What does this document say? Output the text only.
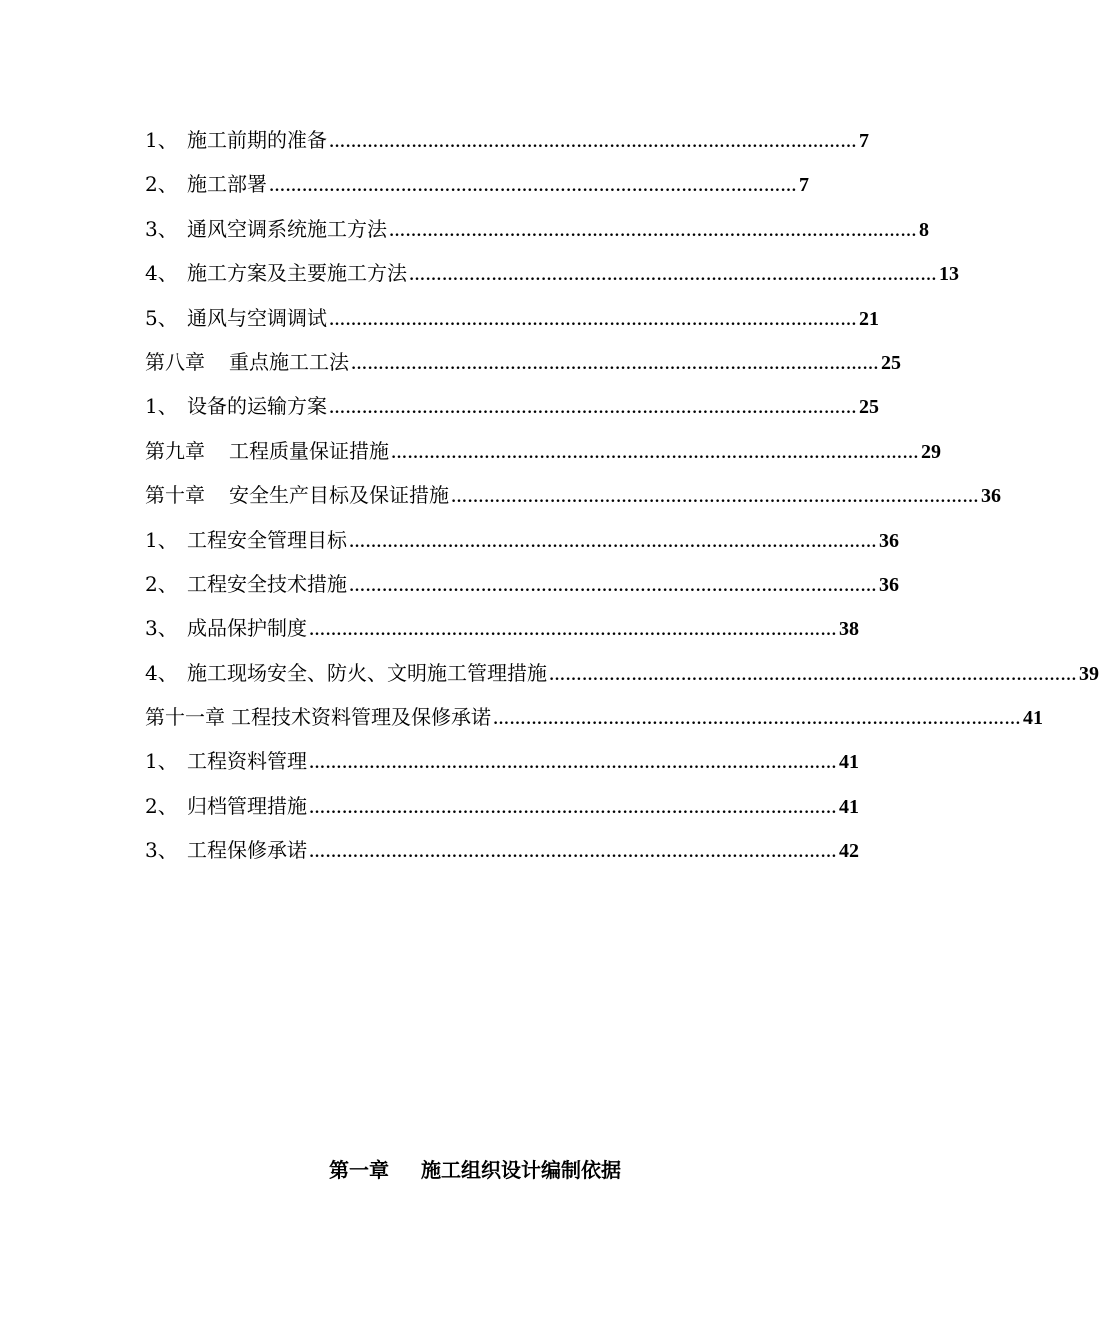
1、 施工前期的准备 …………………………………………………………………………………… 7
2、 施工部署 …………………………………………………………………………………… 7
3、 通风空调系统施工方法 …………………………………………………………………………………… 8
4、 施工方案及主要施工方法 …………………………………………………………………………………… 13
5、 通风与空调调试 …………………………………………………………………………………… 21
第八章 重点施工工法 …………………………………………………………………………………… 25
1、 设备的运输方案 …………………………………………………………………………………… 25
第九章 工程质量保证措施 …………………………………………………………………………………… 29
第十章 安全生产目标及保证措施 …………………………………………………………………………………… 36
1、 工程安全管理目标 …………………………………………………………………………………… 36
2、 工程安全技术措施 …………………………………………………………………………………… 36
3、 成品保护制度 …………………………………………………………………………………… 38
4、 施工现场安全、防火、文明施工管理措施 …………………………………………………………………………………… 39
第十一章 工程技术资料管理及保修承诺 …………………………………………………………………………………… 41
1、 工程资料管理 …………………………………………………………………………………… 41
2、 归档管理措施 …………………………………………………………………………………… 41
3、 工程保修承诺 …………………………………………………………………………………… 42
第一章 施工组织设计编制依据
